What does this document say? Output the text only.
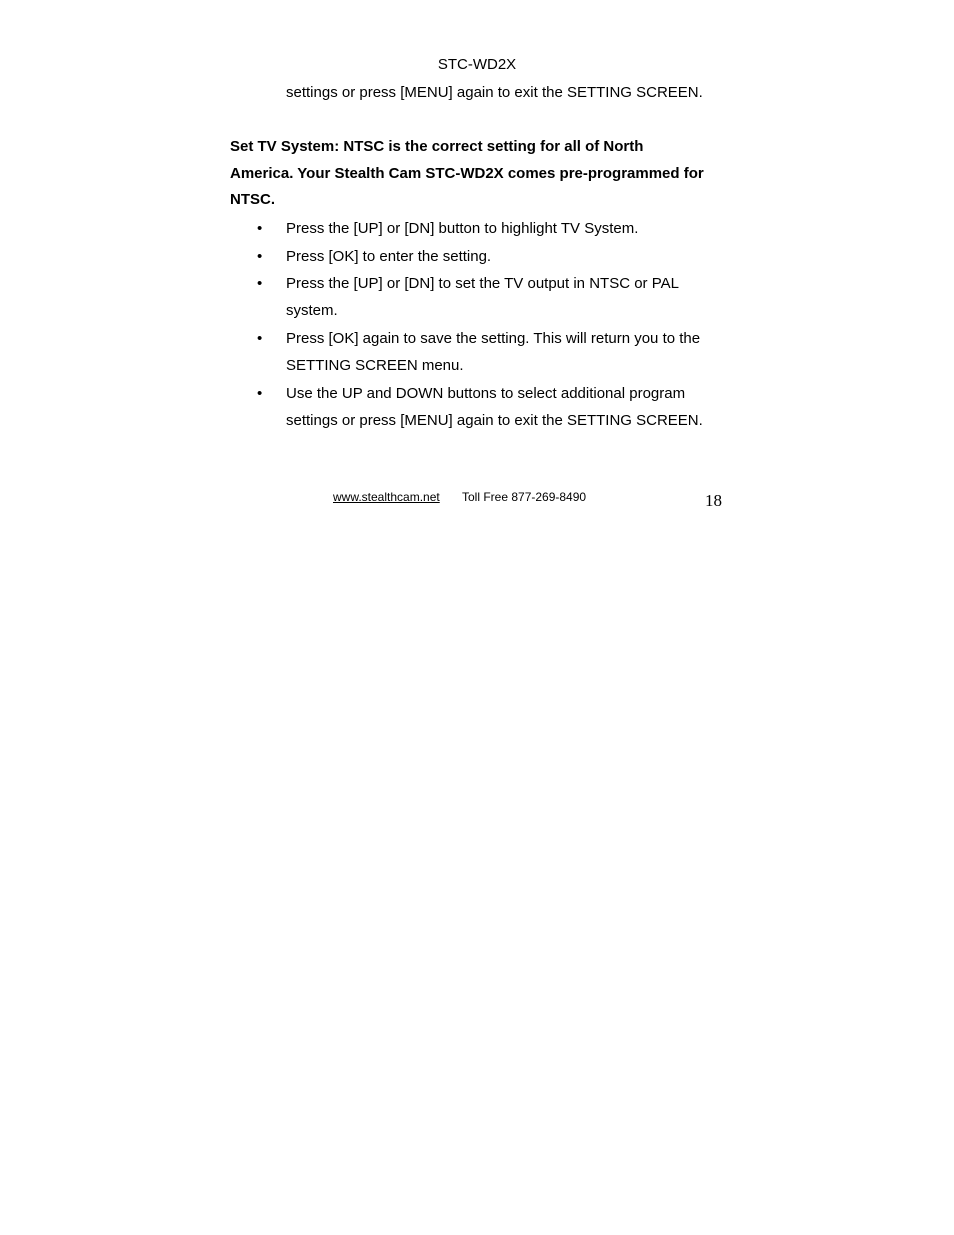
STC-WD2X
settings or press [MENU] again to exit the SETTING SCREEN.
Set TV System: NTSC is the correct setting for all of North
America. Your Stealth Cam STC-WD2X comes pre-programmed for
NTSC.
• Press the [UP] or [DN] button to highlight TV System.
• Press [OK] to enter the setting.
• Press the [UP] or [DN] to set the TV output in NTSC or PAL
system.
• Press [OK] again to save the setting. This will return you to the
SETTING SCREEN menu.
• Use the UP and DOWN buttons to select additional program
settings or press [MENU] again to exit the SETTING SCREEN.
www.stealthcam.net Toll Free 877-269-8490	18
